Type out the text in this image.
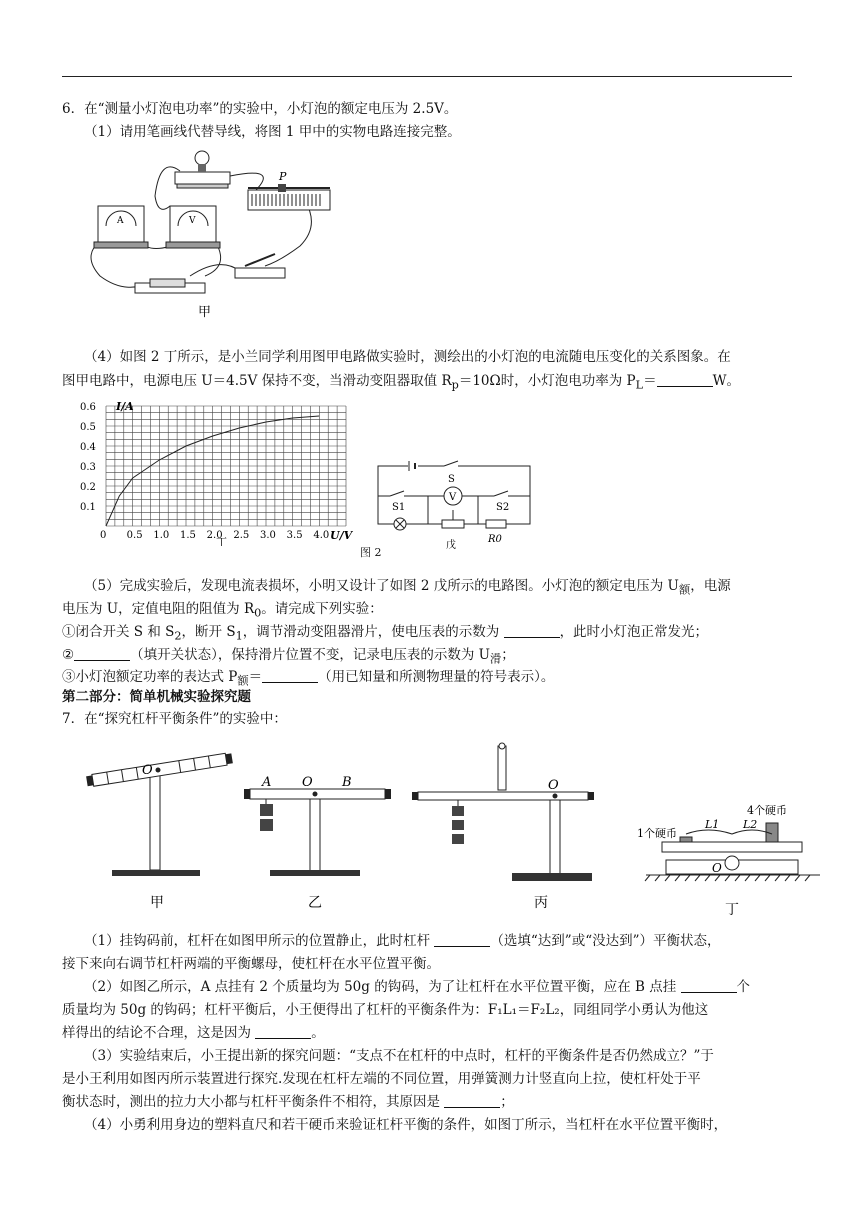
6．在“测量小灯泡电功率”的实验中，小灯泡的额定电压为 2.5V。
（1）请用笔画线代替导线，将图 1 甲中的实物电路连接完整。
A	V
P
甲
（4）如图 2 丁所示，是小兰同学利用图甲电路做实验时，测绘出的小灯泡的电流随电压变化的关系图象。在
图甲电路中，电源电压 U＝4.5V 保持不变，当滑动变阻器取值 $R_p=10\Omega$时，小灯泡电功率为 $P_L=$	W。
I/A
U/V
0.6
0.5
0.4
0.3
0.2
0.1
0 0.5 1.0 1.5 2.0 2.5 3.0 3.5 4.0
丁
S
S1
V
S2
R0
戊
图 2
（5）完成实验后，发现电流表损坏，小明又设计了如图 2 戊所示的电路图。小灯泡的额定电压为 $U_额$，电源
电压为 U，定值电阻的阻值为 $R_0$。请完成下列实验：
①闭合开关 S 和 $S_2$，断开 $S_1$，调节滑动变阻器滑片，使电压表的示数为	，此时小灯泡正常发光；
②	（填开关状态），保持滑片位置不变，记录电压表的示数为 $U_滑$；
③小灯泡额定功率的表达式 $P_额=$	（用已知量和所测物理量的符号表示）。
第二部分：简单机械实验探究题
7．在“探究杠杆平衡条件”的实验中：
O
甲
A O B
乙
O
丙
O
1个硬币
4个硬币
L1 L2
丁
（1）挂钩码前，杠杆在如图甲所示的位置静止，此时杠杆	（选填“达到”或“没达到”）平衡状态，
接下来向右调节杠杆两端的平衡螺母，使杠杆在水平位置平衡。
（2）如图乙所示，A 点挂有 2 个质量均为 50g 的钩码，为了让杠杆在水平位置平衡，应在 B 点挂	个
质量均为 50g 的钩码；杠杆平衡后，小王便得出了杠杆的平衡条件为：F₁L₁＝F₂L₂，同组同学小勇认为他这
样得出的结论不合理，这是因为	。
（3）实验结束后，小王提出新的探究问题：“支点不在杠杆的中点时，杠杆的平衡条件是否仍然成立？”于
是小王利用如图丙所示装置进行探究.发现在杠杆左端的不同位置，用弹簧测力计竖直向上拉，使杠杆处于平
衡状态时，测出的拉力大小都与杠杆平衡条件不相符，其原因是	；
（4）小勇利用身边的塑料直尺和若干硬币来验证杠杆平衡的条件，如图丁所示，当杠杆在水平位置平衡时，
